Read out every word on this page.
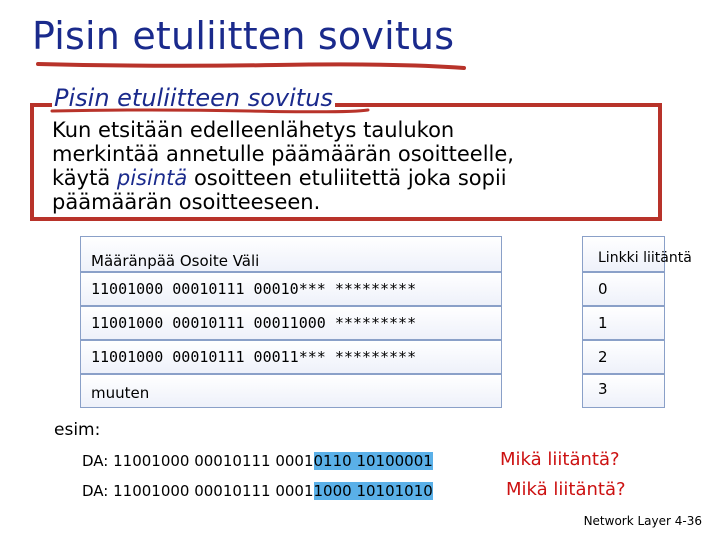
Pisin etuliitten sovitus
Pisin etuliitteen sovitus
Kun etsitään edelleenlähetys taulukon
merkintää annetulle päämäärän osoitteelle,
käytä pisintä osoitteen etuliitettä joka sopii
päämäärän osoitteeseen.
Määränpää Osoite Väli	Linkki liitäntä
11001000 00010111 00010*** *********	0
11001000 00010111 00011000 *********	1
11001000 00010111 00011*** *********	2
muuten	3
esim:
DA: 11001000 00010111 00010110 10100001
DA: 11001000 00010111 00011000 10101010
Mikä liitäntä?
Mikä liitäntä?
Network Layer 4-36
